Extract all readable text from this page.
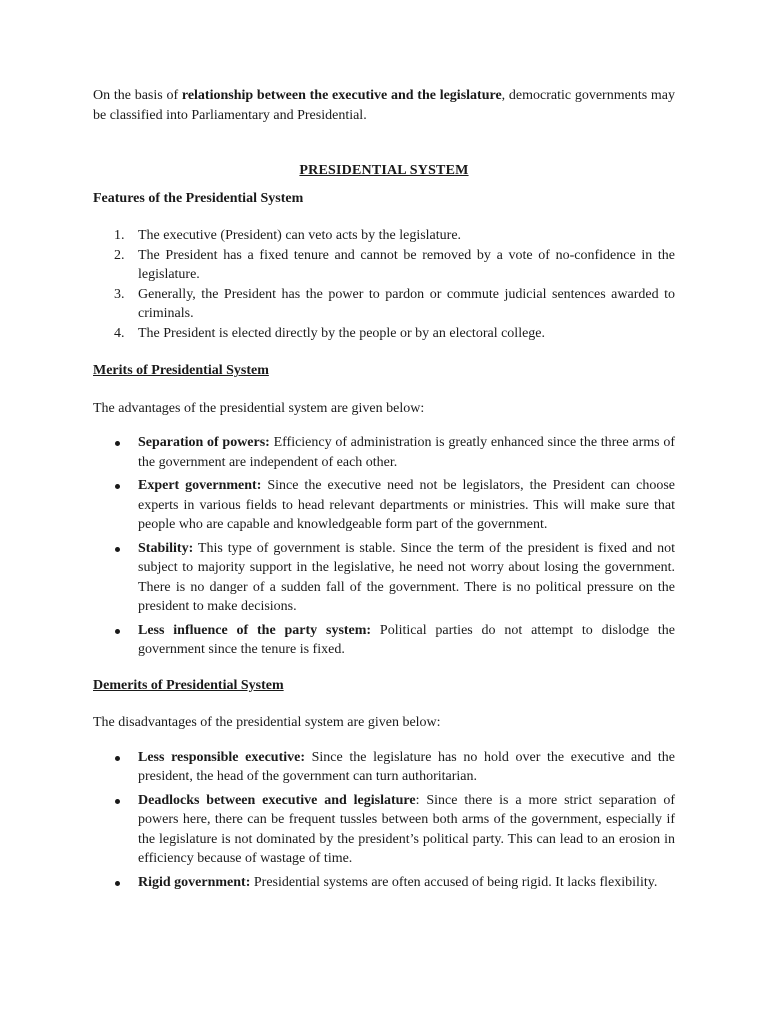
On the basis of relationship between the executive and the legislature, democratic governments may be classified into Parliamentary and Presidential.

PRESIDENTIAL SYSTEM
Features of the Presidential System
1. The executive (President) can veto acts by the legislature.
2. The President has a fixed tenure and cannot be removed by a vote of no-confidence in the legislature.
3. Generally, the President has the power to pardon or commute judicial sentences awarded to criminals.
4. The President is elected directly by the people or by an electoral college.
Merits of Presidential System

The advantages of the presidential system are given below:

Separation of powers: Efficiency of administration is greatly enhanced since the three arms of the government are independent of each other.
Expert government: Since the executive need not be legislators, the President can choose experts in various fields to head relevant departments or ministries. This will make sure that people who are capable and knowledgeable form part of the government.
Stability: This type of government is stable. Since the term of the president is fixed and not subject to majority support in the legislative, he need not worry about losing the government. There is no danger of a sudden fall of the government. There is no political pressure on the president to make decisions.
Less influence of the party system: Political parties do not attempt to dislodge the government since the tenure is fixed.
Demerits of Presidential System

The disadvantages of the presidential system are given below:

Less responsible executive: Since the legislature has no hold over the executive and the president, the head of the government can turn authoritarian.
Deadlocks between executive and legislature: Since there is a more strict separation of powers here, there can be frequent tussles between both arms of the government, especially if the legislature is not dominated by the president’s political party. This can lead to an erosion in efficiency because of wastage of time.
Rigid government: Presidential systems are often accused of being rigid. It lacks flexibility.
